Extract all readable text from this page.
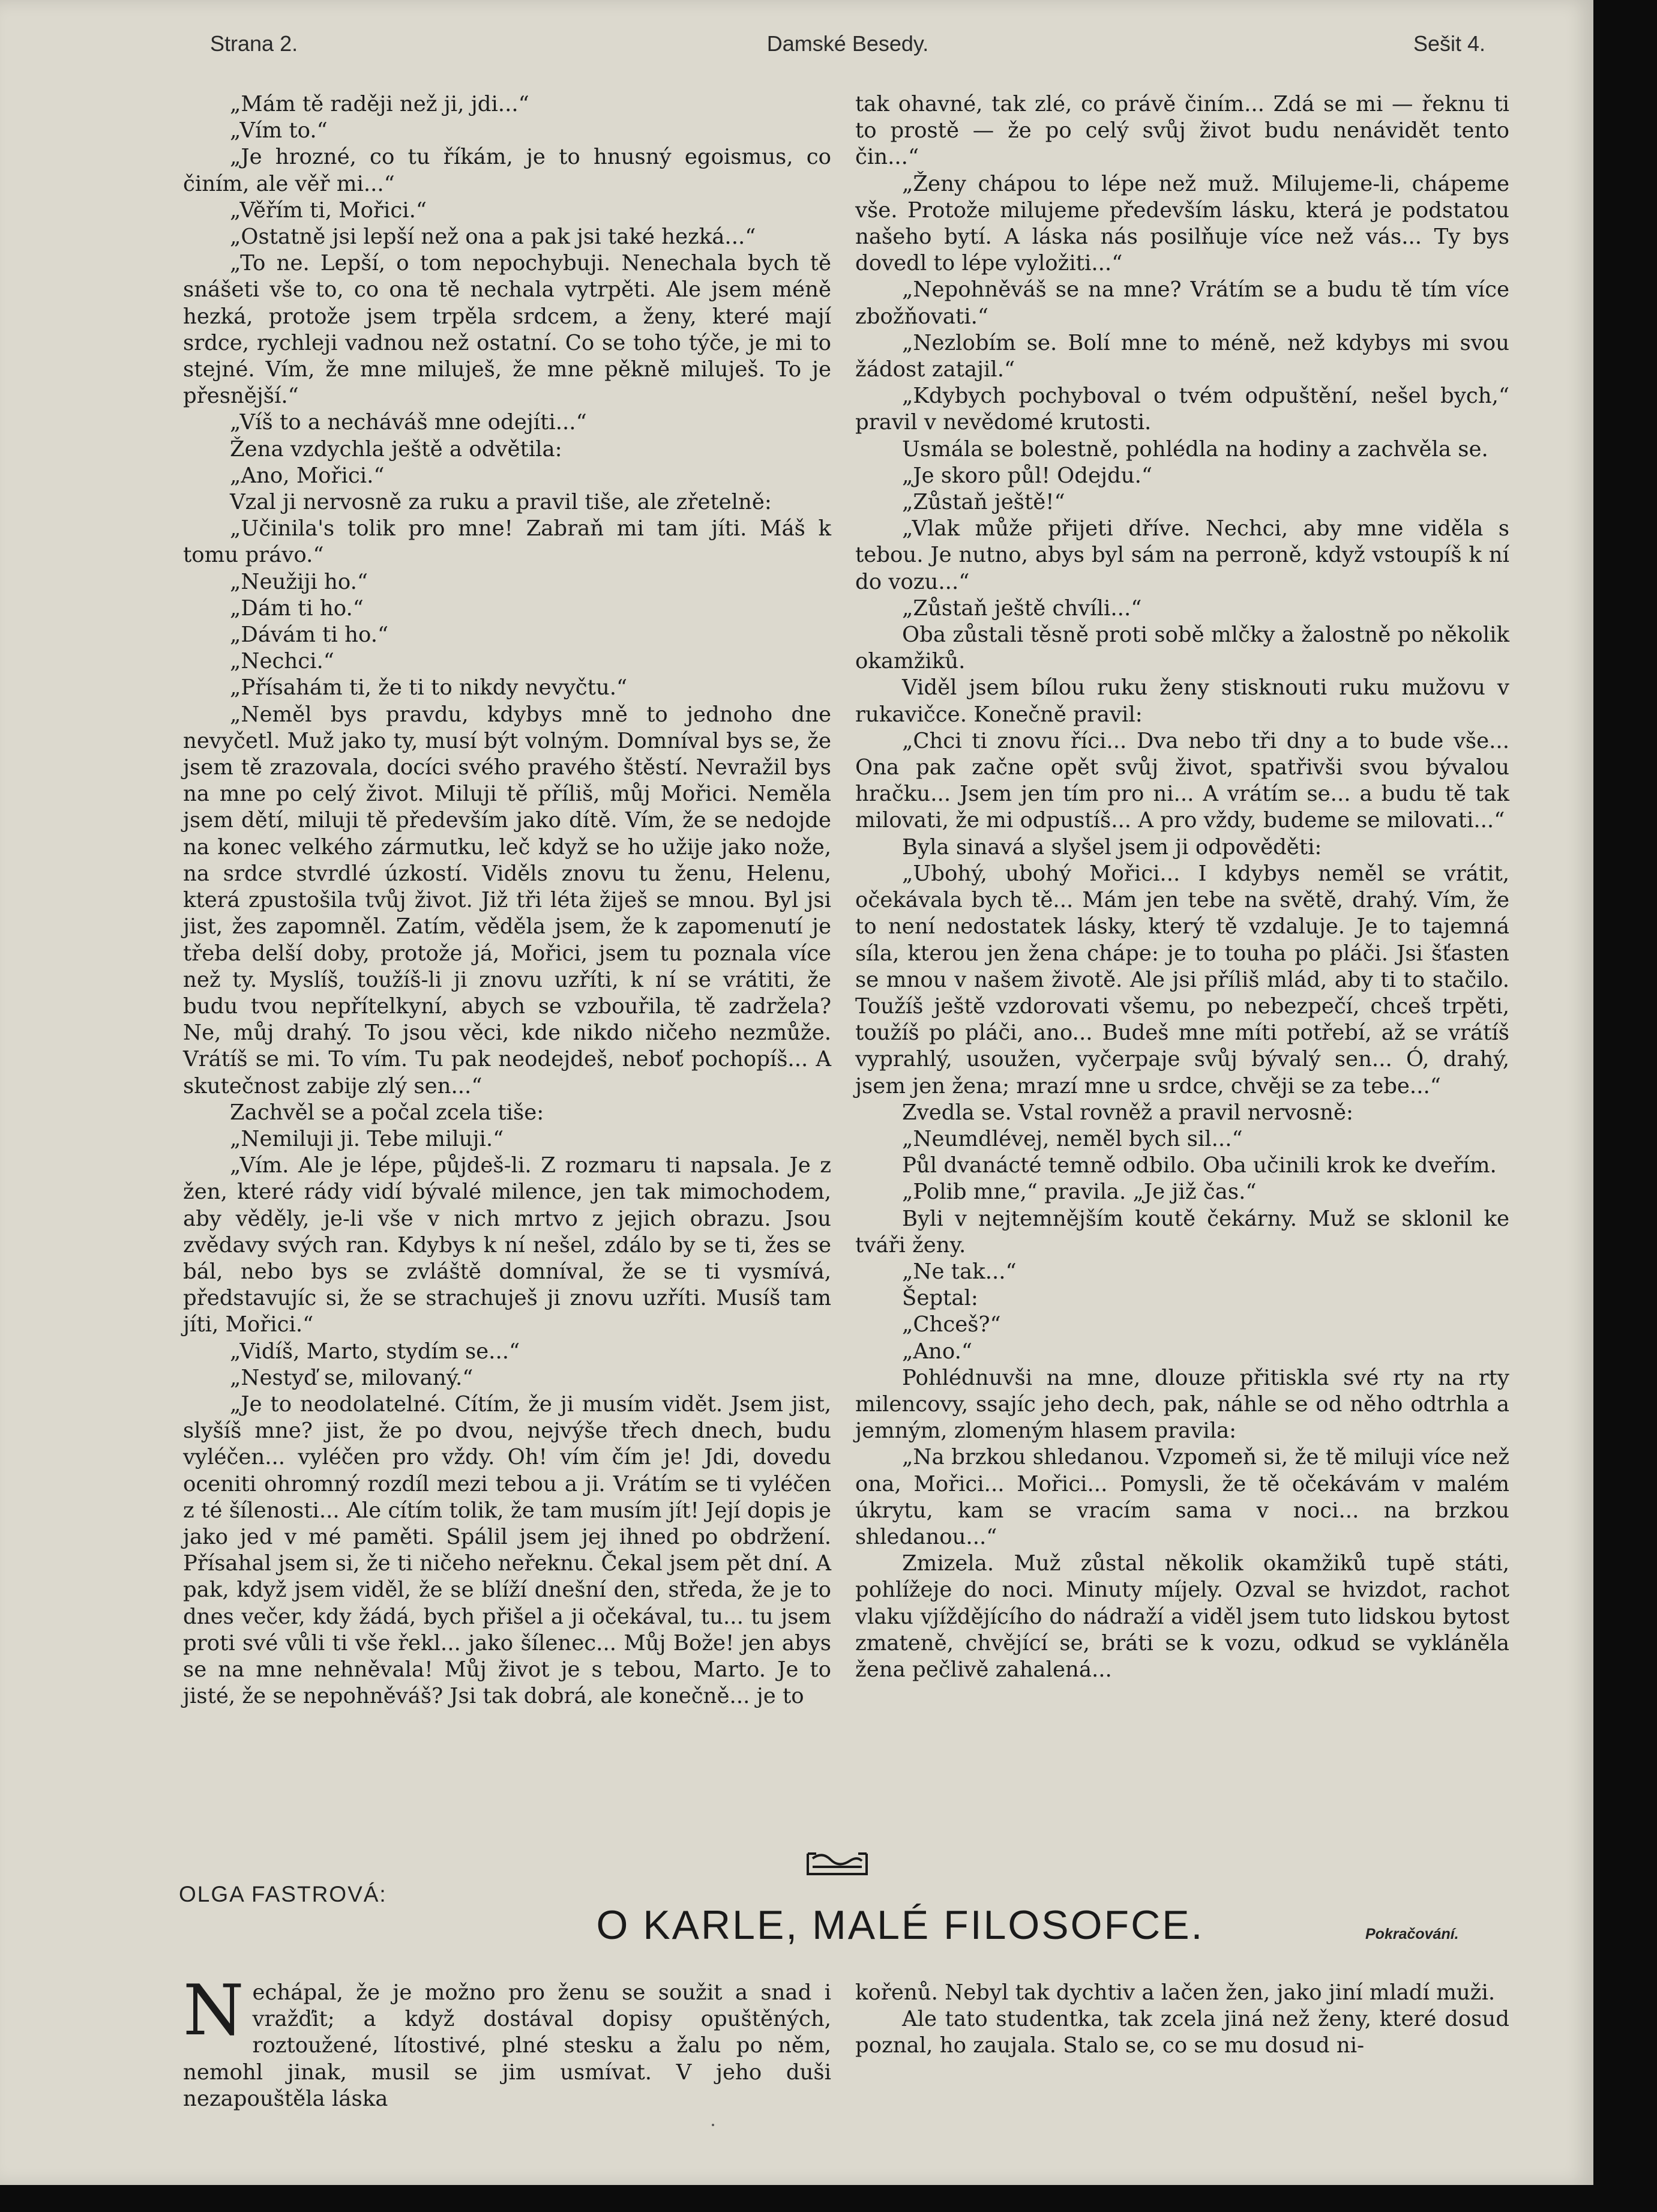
Strana 2.	Damské Besedy.	Sešit 4.

„Mám tě raději než ji, jdi...“

„Vím to.“

„Je hrozné, co tu říkám, je to hnusný egoismus, co činím, ale věř mi...“

„Věřím ti, Mořici.“

„Ostatně jsi lepší než ona a pak jsi také hezká...“

„To ne. Lepší, o tom nepochybuji. Nenechala bych tě snášeti vše to, co ona tě nechala vytrpěti. Ale jsem méně hezká, protože jsem trpěla srdcem, a ženy, které mají srdce, rychleji vadnou než ostatní. Co se toho týče, je mi to stejné. Vím, že mne miluješ, že mne pěkně miluješ. To je přesnější.“

„Víš to a necháváš mne odejíti...“

Žena vzdychla ještě a odvětila:

„Ano, Mořici.“

Vzal ji nervosně za ruku a pravil tiše, ale zřetelně:

„Učinila's tolik pro mne! Zabraň mi tam jíti. Máš k tomu právo.“

„Neužiji ho.“

„Dám ti ho.“

„Dávám ti ho.“

„Nechci.“

„Přísahám ti, že ti to nikdy nevyčtu.“

„Neměl bys pravdu, kdybys mně to jednoho dne nevyčetl. Muž jako ty, musí být volným. Domníval bys se, že jsem tě zrazovala, docíci svého pravého štěstí. Nevražil bys na mne po celý život. Miluji tě příliš, můj Mořici. Neměla jsem dětí, miluji tě především jako dítě. Vím, že se nedojde na konec velkého zármutku, leč když se ho užije jako nože, na srdce stvrdlé úzkostí. Viděls znovu tu ženu, Helenu, která zpustošila tvůj život. Již tři léta žiješ se mnou. Byl jsi jist, žes zapomněl. Zatím, věděla jsem, že k zapomenutí je třeba delší doby, protože já, Mořici, jsem tu poznala více než ty. Myslíš, toužíš-li ji znovu uzříti, k ní se vrátiti, že budu tvou nepřítelkyní, abych se vzbouřila, tě zadržela? Ne, můj drahý. To jsou věci, kde nikdo ničeho nezmůže. Vrátíš se mi. To vím. Tu pak neodejdeš, neboť pochopíš... A skutečnost zabije zlý sen...“

Zachvěl se a počal zcela tiše:

„Nemiluji ji. Tebe miluji.“

„Vím. Ale je lépe, půjdeš-li. Z rozmaru ti napsala. Je z žen, které rády vidí bývalé milence, jen tak mimochodem, aby věděly, je-li vše v nich mrtvo z jejich obrazu. Jsou zvědavy svých ran. Kdybys k ní nešel, zdálo by se ti, žes se bál, nebo bys se zvláště domníval, že se ti vysmívá, představujíc si, že se strachuješ ji znovu uzříti. Musíš tam jíti, Mořici.“

„Vidíš, Marto, stydím se...“

„Nestyď se, milovaný.“

„Je to neodolatelné. Cítím, že ji musím vidět. Jsem jist, slyšíš mne? jist, že po dvou, nejvýše třech dnech, budu vyléčen... vyléčen pro vždy. Oh! vím čím je! Jdi, dovedu oceniti ohromný rozdíl mezi tebou a ji. Vrátím se ti vyléčen z té šílenosti... Ale cítím tolik, že tam musím jít! Její dopis je jako jed v mé paměti. Spálil jsem jej ihned po obdržení. Přísahal jsem si, že ti ničeho neřeknu. Čekal jsem pět dní. A pak, když jsem viděl, že se blíží dnešní den, středa, že je to dnes večer, kdy žádá, bych přišel a ji očekával, tu... tu jsem proti své vůli ti vše řekl... jako šílenec... Můj Bože! jen abys se na mne nehněvala! Můj život je s tebou, Marto. Je to jisté, že se nepohněváš? Jsi tak dobrá, ale konečně... je to

tak ohavné, tak zlé, co právě činím... Zdá se mi — řeknu ti to prostě — že po celý svůj život budu nenávidět tento čin...“

„Ženy chápou to lépe než muž. Milujeme-li, chápeme vše. Protože milujeme především lásku, která je podstatou našeho bytí. A láska nás posilňuje více než vás... Ty bys dovedl to lépe vyložiti...“

„Nepohněváš se na mne? Vrátím se a budu tě tím více zbožňovati.“

„Nezlobím se. Bolí mne to méně, než kdybys mi svou žádost zatajil.“

„Kdybych pochyboval o tvém odpuštění, nešel bych,“ pravil v nevědomé krutosti.

Usmála se bolestně, pohlédla na hodiny a zachvěla se.

„Je skoro půl! Odejdu.“

„Zůstaň ještě!“

„Vlak může přijeti dříve. Nechci, aby mne viděla s tebou. Je nutno, abys byl sám na perroně, když vstoupíš k ní do vozu...“

„Zůstaň ještě chvíli...“

Oba zůstali těsně proti sobě mlčky a žalostně po několik okamžiků.

Viděl jsem bílou ruku ženy stisknouti ruku mužovu v rukavičce. Konečně pravil:

„Chci ti znovu říci... Dva nebo tři dny a to bude vše... Ona pak začne opět svůj život, spatřivši svou bývalou hračku... Jsem jen tím pro ni... A vrátím se... a budu tě tak milovati, že mi odpustíš... A pro vždy, budeme se milovati...“

Byla sinavá a slyšel jsem ji odpověděti:

„Ubohý, ubohý Mořici... I kdybys neměl se vrátit, očekávala bych tě... Mám jen tebe na světě, drahý. Vím, že to není nedostatek lásky, který tě vzdaluje. Je to tajemná síla, kterou jen žena chápe: je to touha po pláči. Jsi šťasten se mnou v našem životě. Ale jsi příliš mlád, aby ti to stačilo. Toužíš ještě vzdorovati všemu, po nebezpečí, chceš trpěti, toužíš po pláči, ano... Budeš mne míti potřebí, až se vrátíš vyprahlý, usoužen, vyčerpaje svůj bývalý sen... Ó, drahý, jsem jen žena; mrazí mne u srdce, chvěji se za tebe...“

Zvedla se. Vstal rovněž a pravil nervosně:

„Neumdlévej, neměl bych sil...“

Půl dvanácté temně odbilo. Oba učinili krok ke dveřím.

„Polib mne,“ pravila. „Je již čas.“

Byli v nejtemnějším koutě čekárny. Muž se sklonil ke tváři ženy.

„Ne tak...“

Šeptal:

„Chceš?“

„Ano.“

Pohlédnuvši na mne, dlouze přitiskla své rty na rty milencovy, ssajíc jeho dech, pak, náhle se od něho odtrhla a jemným, zlomeným hlasem pravila:

„Na brzkou shledanou. Vzpomeň si, že tě miluji více než ona, Mořici... Mořici... Pomysli, že tě očekávám v malém úkrytu, kam se vracím sama v noci... na brzkou shledanou...“

Zmizela. Muž zůstal několik okamžiků tupě státi, pohlížeje do noci. Minuty míjely. Ozval se hvizdot, rachot vlaku vjíždějícího do nádraží a viděl jsem tuto lidskou bytost zmateně, chvějící se, bráti se k vozu, odkud se vykláněla žena pečlivě zahalená...

OLGA FASTROVÁ:
O KARLE, MALÉ FILOSOFCE.	Pokračování.

Nechápal, že je možno pro ženu se soužit a snad i vražďit; a když dostával dopisy opuštěných, roztoužené, lítostivé, plné stesku a žalu po něm, nemohl jinak, musil se jim usmívat. V jeho duši nezapouštěla láska

kořenů. Nebyl tak dychtiv a lačen žen, jako jiní mladí muži.

Ale tato studentka, tak zcela jiná než ženy, které dosud poznal, ho zaujala. Stalo se, co se mu dosud ni-
